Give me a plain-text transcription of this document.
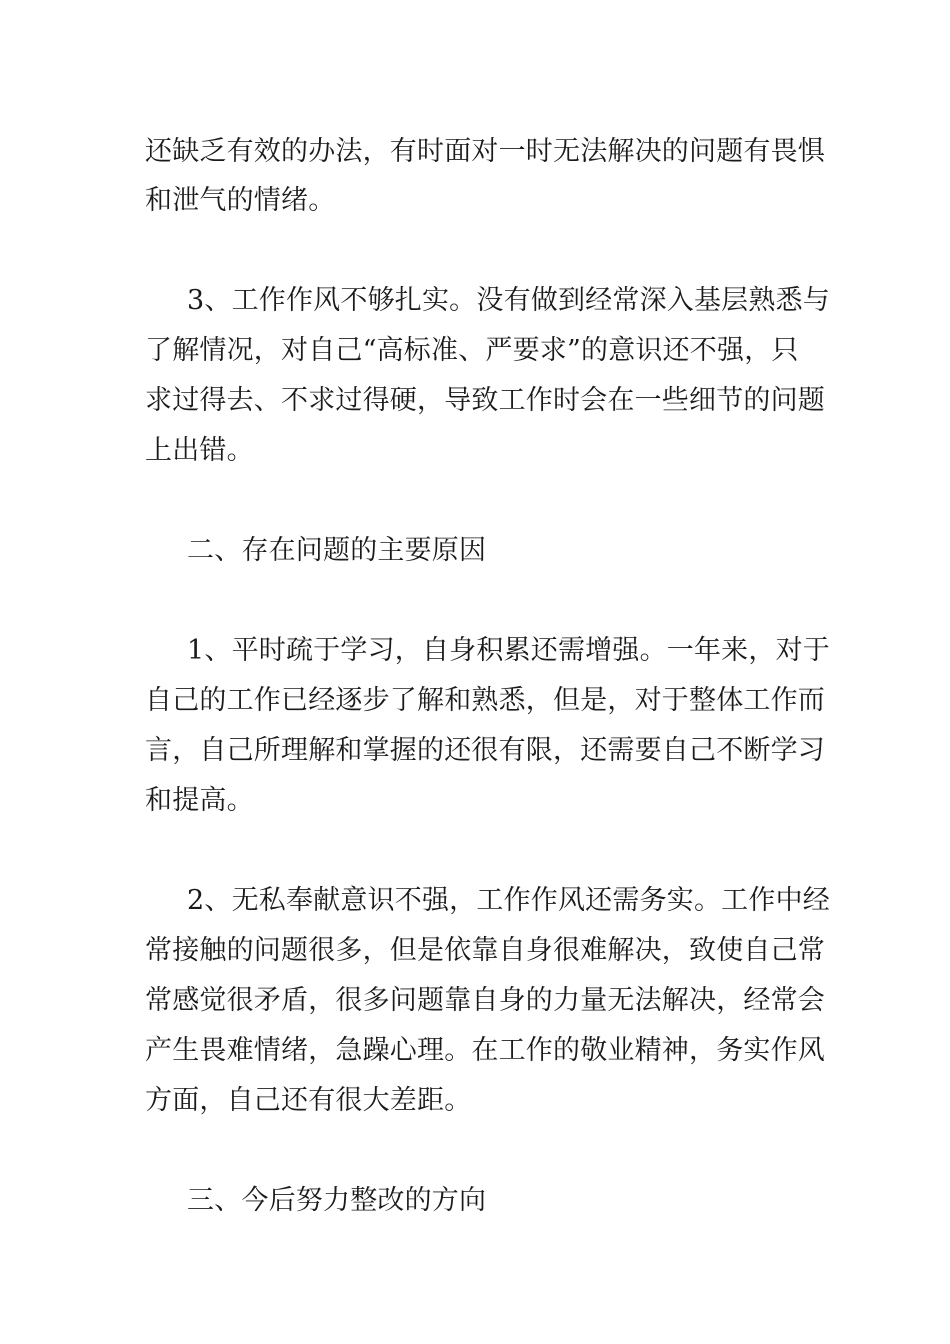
还缺乏有效的办法，有时面对一时无法解决的问题有畏惧

和泄气的情绪。

3、工作作风不够扎实。没有做到经常深入基层熟悉与

了解情况，对自己“高标准、严要求”的意识还不强，只

求过得去、不求过得硬，导致工作时会在一些细节的问题

上出错。

二、存在问题的主要原因

1、平时疏于学习，自身积累还需增强。一年来，对于

自己的工作已经逐步了解和熟悉，但是，对于整体工作而

言，自己所理解和掌握的还很有限，还需要自己不断学习

和提高。

2、无私奉献意识不强，工作作风还需务实。工作中经

常接触的问题很多，但是依靠自身很难解决，致使自己常

常感觉很矛盾，很多问题靠自身的力量无法解决，经常会

产生畏难情绪，急躁心理。在工作的敬业精神，务实作风

方面，自己还有很大差距。

三、今后努力整改的方向
